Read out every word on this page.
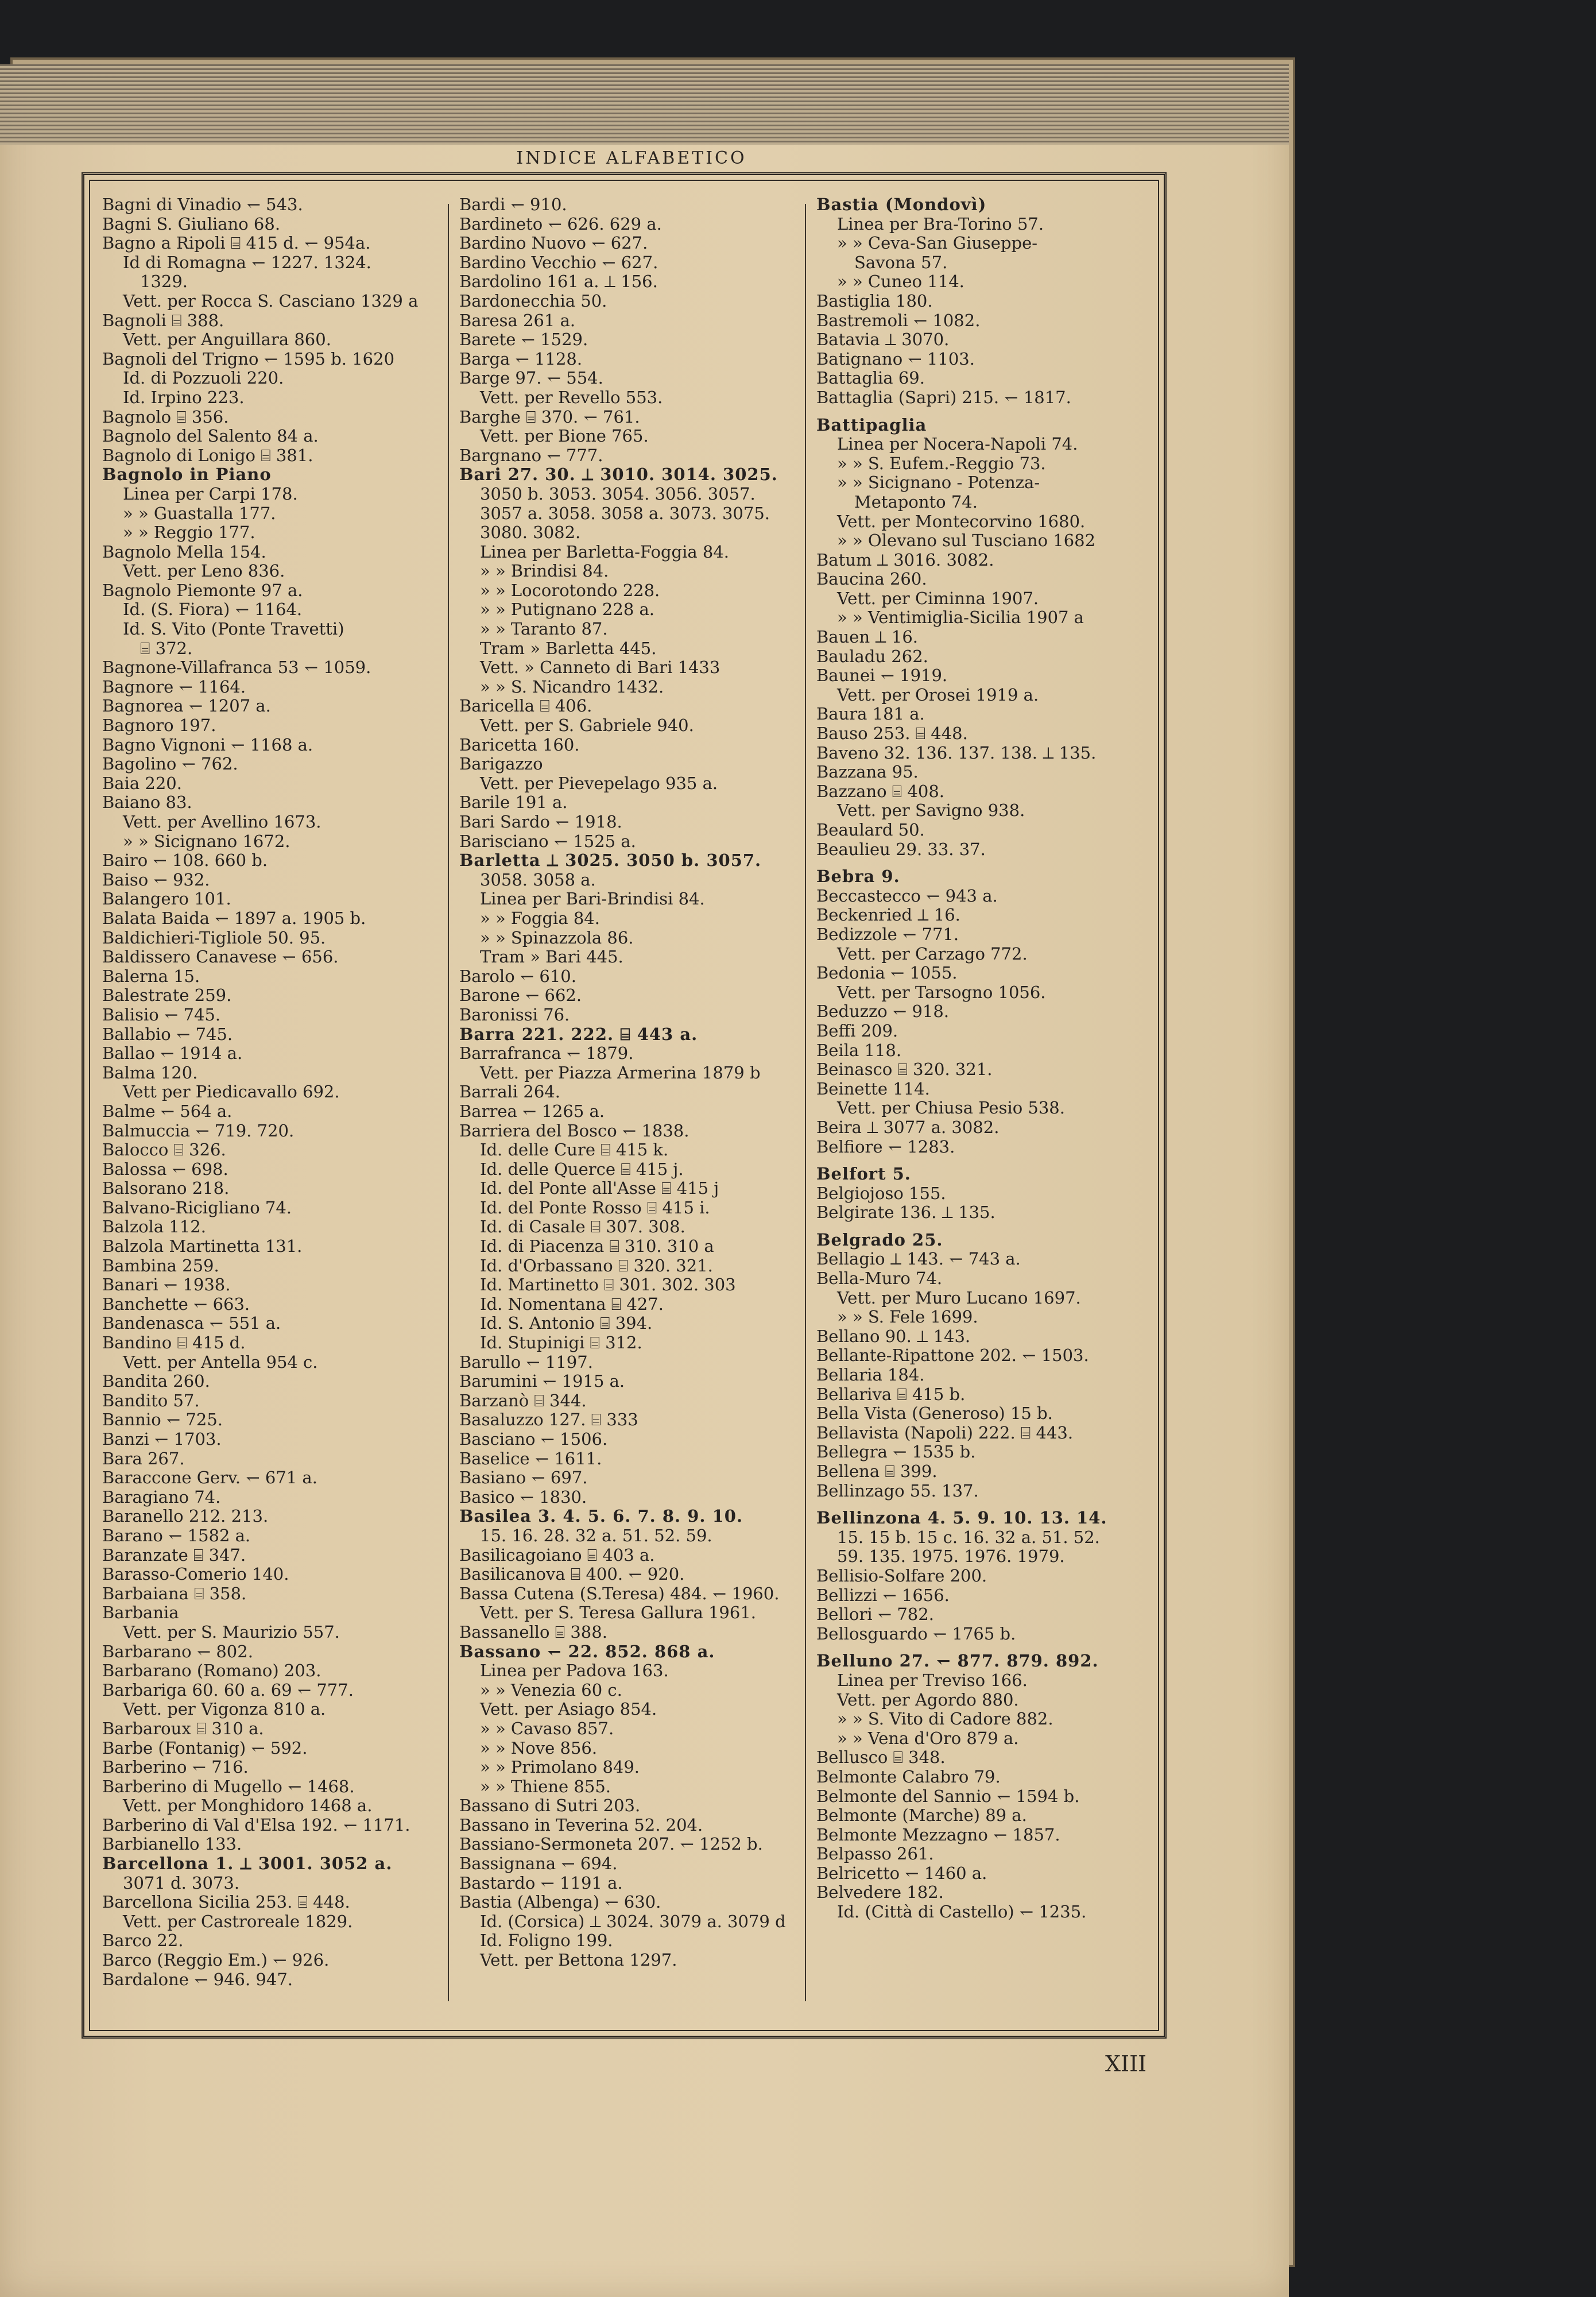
INDICE ALFABETICO
Bagni di Vinadio ↽ 543.
Bagni S. Giuliano 68.
Bagno a Ripoli ⌸ 415 d. ↽ 954a.
Id di Romagna ↽ 1227. 1324.
1329.
Vett. per Rocca S. Casciano 1329 a
Bagnoli ⌸ 388.
Vett. per Anguillara 860.
Bagnoli del Trigno ↽ 1595 b. 1620
Id. di Pozzuoli 220.
Id. Irpino 223.
Bagnolo ⌸ 356.
Bagnolo del Salento 84 a.
Bagnolo di Lonigo ⌸ 381.
Bagnolo in Piano
Linea per Carpi 178.
» » Guastalla 177.
» » Reggio 177.
Bagnolo Mella 154.
Vett. per Leno 836.
Bagnolo Piemonte 97 a.
Id. (S. Fiora) ↽ 1164.
Id. S. Vito (Ponte Travetti)
⌸ 372.
Bagnone-Villafranca 53 ↽ 1059.
Bagnore ↽ 1164.
Bagnorea ↽ 1207 a.
Bagnoro 197.
Bagno Vignoni ↽ 1168 a.
Bagolino ↽ 762.
Baia 220.
Baiano 83.
Vett. per Avellino 1673.
» » Sicignano 1672.
Bairo ↽ 108. 660 b.
Baiso ↽ 932.
Balangero 101.
Balata Baida ↽ 1897 a. 1905 b.
Baldichieri-Tigliole 50. 95.
Baldissero Canavese ↽ 656.
Balerna 15.
Balestrate 259.
Balisio ↽ 745.
Ballabio ↽ 745.
Ballao ↽ 1914 a.
Balma 120.
Vett per Piedicavallo 692.
Balme ↽ 564 a.
Balmuccia ↽ 719. 720.
Balocco ⌸ 326.
Balossa ↽ 698.
Balsorano 218.
Balvano-Ricigliano 74.
Balzola 112.
Balzola Martinetta 131.
Bambina 259.
Banari ↽ 1938.
Banchette ↽ 663.
Bandenasca ↽ 551 a.
Bandino ⌸ 415 d.
Vett. per Antella 954 c.
Bandita 260.
Bandito 57.
Bannio ↽ 725.
Banzi ↽ 1703.
Bara 267.
Baraccone Gerv. ↽ 671 a.
Baragiano 74.
Baranello 212. 213.
Barano ↽ 1582 a.
Baranzate ⌸ 347.
Barasso-Comerio 140.
Barbaiana ⌸ 358.
Barbania
Vett. per S. Maurizio 557.
Barbarano ↽ 802.
Barbarano (Romano) 203.
Barbariga 60. 60 a. 69 ↽ 777.
Vett. per Vigonza 810 a.
Barbaroux ⌸ 310 a.
Barbe (Fontanig) ↽ 592.
Barberino ↽ 716.
Barberino di Mugello ↽ 1468.
Vett. per Monghidoro 1468 a.
Barberino di Val d'Elsa 192. ↽ 1171.
Barbianello 133.
Barcellona 1. ⟂ 3001. 3052 a.
3071 d. 3073.
Barcellona Sicilia 253. ⌸ 448.
Vett. per Castroreale 1829.
Barco 22.
Barco (Reggio Em.) ↽ 926.
Bardalone ↽ 946. 947.
Bardi ↽ 910.
Bardineto ↽ 626. 629 a.
Bardino Nuovo ↽ 627.
Bardino Vecchio ↽ 627.
Bardolino 161 a. ⟂ 156.
Bardonecchia 50.
Baresa 261 a.
Barete ↽ 1529.
Barga ↽ 1128.
Barge 97. ↽ 554.
Vett. per Revello 553.
Barghe ⌸ 370. ↽ 761.
Vett. per Bione 765.
Bargnano ↽ 777.
Bari 27. 30. ⟂ 3010. 3014. 3025.
3050 b. 3053. 3054. 3056. 3057.
3057 a. 3058. 3058 a. 3073. 3075.
3080. 3082.
Linea per Barletta-Foggia 84.
» » Brindisi 84.
» » Locorotondo 228.
» » Putignano 228 a.
» » Taranto 87.
Tram » Barletta 445.
Vett. » Canneto di Bari 1433
» » S. Nicandro 1432.
Baricella ⌸ 406.
Vett. per S. Gabriele 940.
Baricetta 160.
Barigazzo
Vett. per Pievepelago 935 a.
Barile 191 a.
Bari Sardo ↽ 1918.
Barisciano ↽ 1525 a.
Barletta ⟂ 3025. 3050 b. 3057.
3058. 3058 a.
Linea per Bari-Brindisi 84.
» » Foggia 84.
» » Spinazzola 86.
Tram » Bari 445.
Barolo ↽ 610.
Barone ↽ 662.
Baronissi 76.
Barra 221. 222. ⌸ 443 a.
Barrafranca ↽ 1879.
Vett. per Piazza Armerina 1879 b
Barrali 264.
Barrea ↽ 1265 a.
Barriera del Bosco ↽ 1838.
Id. delle Cure ⌸ 415 k.
Id. delle Querce ⌸ 415 j.
Id. del Ponte all'Asse ⌸ 415 j
Id. del Ponte Rosso ⌸ 415 i.
Id. di Casale ⌸ 307. 308.
Id. di Piacenza ⌸ 310. 310 a
Id. d'Orbassano ⌸ 320. 321.
Id. Martinetto ⌸ 301. 302. 303
Id. Nomentana ⌸ 427.
Id. S. Antonio ⌸ 394.
Id. Stupinigi ⌸ 312.
Barullo ↽ 1197.
Barumini ↽ 1915 a.
Barzanò ⌸ 344.
Basaluzzo 127. ⌸ 333
Basciano ↽ 1506.
Baselice ↽ 1611.
Basiano ↽ 697.
Basico ↽ 1830.
Basilea 3. 4. 5. 6. 7. 8. 9. 10.
15. 16. 28. 32 a. 51. 52. 59.
Basilicagoiano ⌸ 403 a.
Basilicanova ⌸ 400. ↽ 920.
Bassa Cutena (S.Teresa) 484. ↽ 1960.
Vett. per S. Teresa Gallura 1961.
Bassanello ⌸ 388.
Bassano ↽ 22. 852. 868 a.
Linea per Padova 163.
» » Venezia 60 c.
Vett. per Asiago 854.
» » Cavaso 857.
» » Nove 856.
» » Primolano 849.
» » Thiene 855.
Bassano di Sutri 203.
Bassano in Teverina 52. 204.
Bassiano-Sermoneta 207. ↽ 1252 b.
Bassignana ↽ 694.
Bastardo ↽ 1191 a.
Bastia (Albenga) ↽ 630.
Id. (Corsica) ⟂ 3024. 3079 a. 3079 d
Id. Foligno 199.
Vett. per Bettona 1297.
Bastia (Mondovì)
Linea per Bra-Torino 57.
» » Ceva-San Giuseppe-
Savona 57.
» » Cuneo 114.
Bastiglia 180.
Bastremoli ↽ 1082.
Batavia ⟂ 3070.
Batignano ↽ 1103.
Battaglia 69.
Battaglia (Sapri) 215. ↽ 1817.
Battipaglia
Linea per Nocera-Napoli 74.
» » S. Eufem.-Reggio 73.
» » Sicignano - Potenza-
Metaponto 74.
Vett. per Montecorvino 1680.
» » Olevano sul Tusciano 1682
Batum ⟂ 3016. 3082.
Baucina 260.
Vett. per Ciminna 1907.
» » Ventimiglia-Sicilia 1907 a
Bauen ⟂ 16.
Bauladu 262.
Baunei ↽ 1919.
Vett. per Orosei 1919 a.
Baura 181 a.
Bauso 253. ⌸ 448.
Baveno 32. 136. 137. 138. ⟂ 135.
Bazzana 95.
Bazzano ⌸ 408.
Vett. per Savigno 938.
Beaulard 50.
Beaulieu 29. 33. 37.
Bebra 9.
Beccastecco ↽ 943 a.
Beckenried ⟂ 16.
Bedizzole ↽ 771.
Vett. per Carzago 772.
Bedonia ↽ 1055.
Vett. per Tarsogno 1056.
Beduzzo ↽ 918.
Beffi 209.
Beila 118.
Beinasco ⌸ 320. 321.
Beinette 114.
Vett. per Chiusa Pesio 538.
Beira ⟂ 3077 a. 3082.
Belfiore ↽ 1283.
Belfort 5.
Belgiojoso 155.
Belgirate 136. ⟂ 135.
Belgrado 25.
Bellagio ⟂ 143. ↽ 743 a.
Bella-Muro 74.
Vett. per Muro Lucano 1697.
» » S. Fele 1699.
Bellano 90. ⟂ 143.
Bellante-Ripattone 202. ↽ 1503.
Bellaria 184.
Bellariva ⌸ 415 b.
Bella Vista (Generoso) 15 b.
Bellavista (Napoli) 222. ⌸ 443.
Bellegra ↽ 1535 b.
Bellena ⌸ 399.
Bellinzago 55. 137.
Bellinzona 4. 5. 9. 10. 13. 14.
15. 15 b. 15 c. 16. 32 a. 51. 52.
59. 135. 1975. 1976. 1979.
Bellisio-Solfare 200.
Bellizzi ↽ 1656.
Bellori ↽ 782.
Bellosguardo ↽ 1765 b.
Belluno 27. ↽ 877. 879. 892.
Linea per Treviso 166.
Vett. per Agordo 880.
» » S. Vito di Cadore 882.
» » Vena d'Oro 879 a.
Bellusco ⌸ 348.
Belmonte Calabro 79.
Belmonte del Sannio ↽ 1594 b.
Belmonte (Marche) 89 a.
Belmonte Mezzagno ↽ 1857.
Belpasso 261.
Belricetto ↽ 1460 a.
Belvedere 182.
Id. (Città di Castello) ↽ 1235.
XIII
